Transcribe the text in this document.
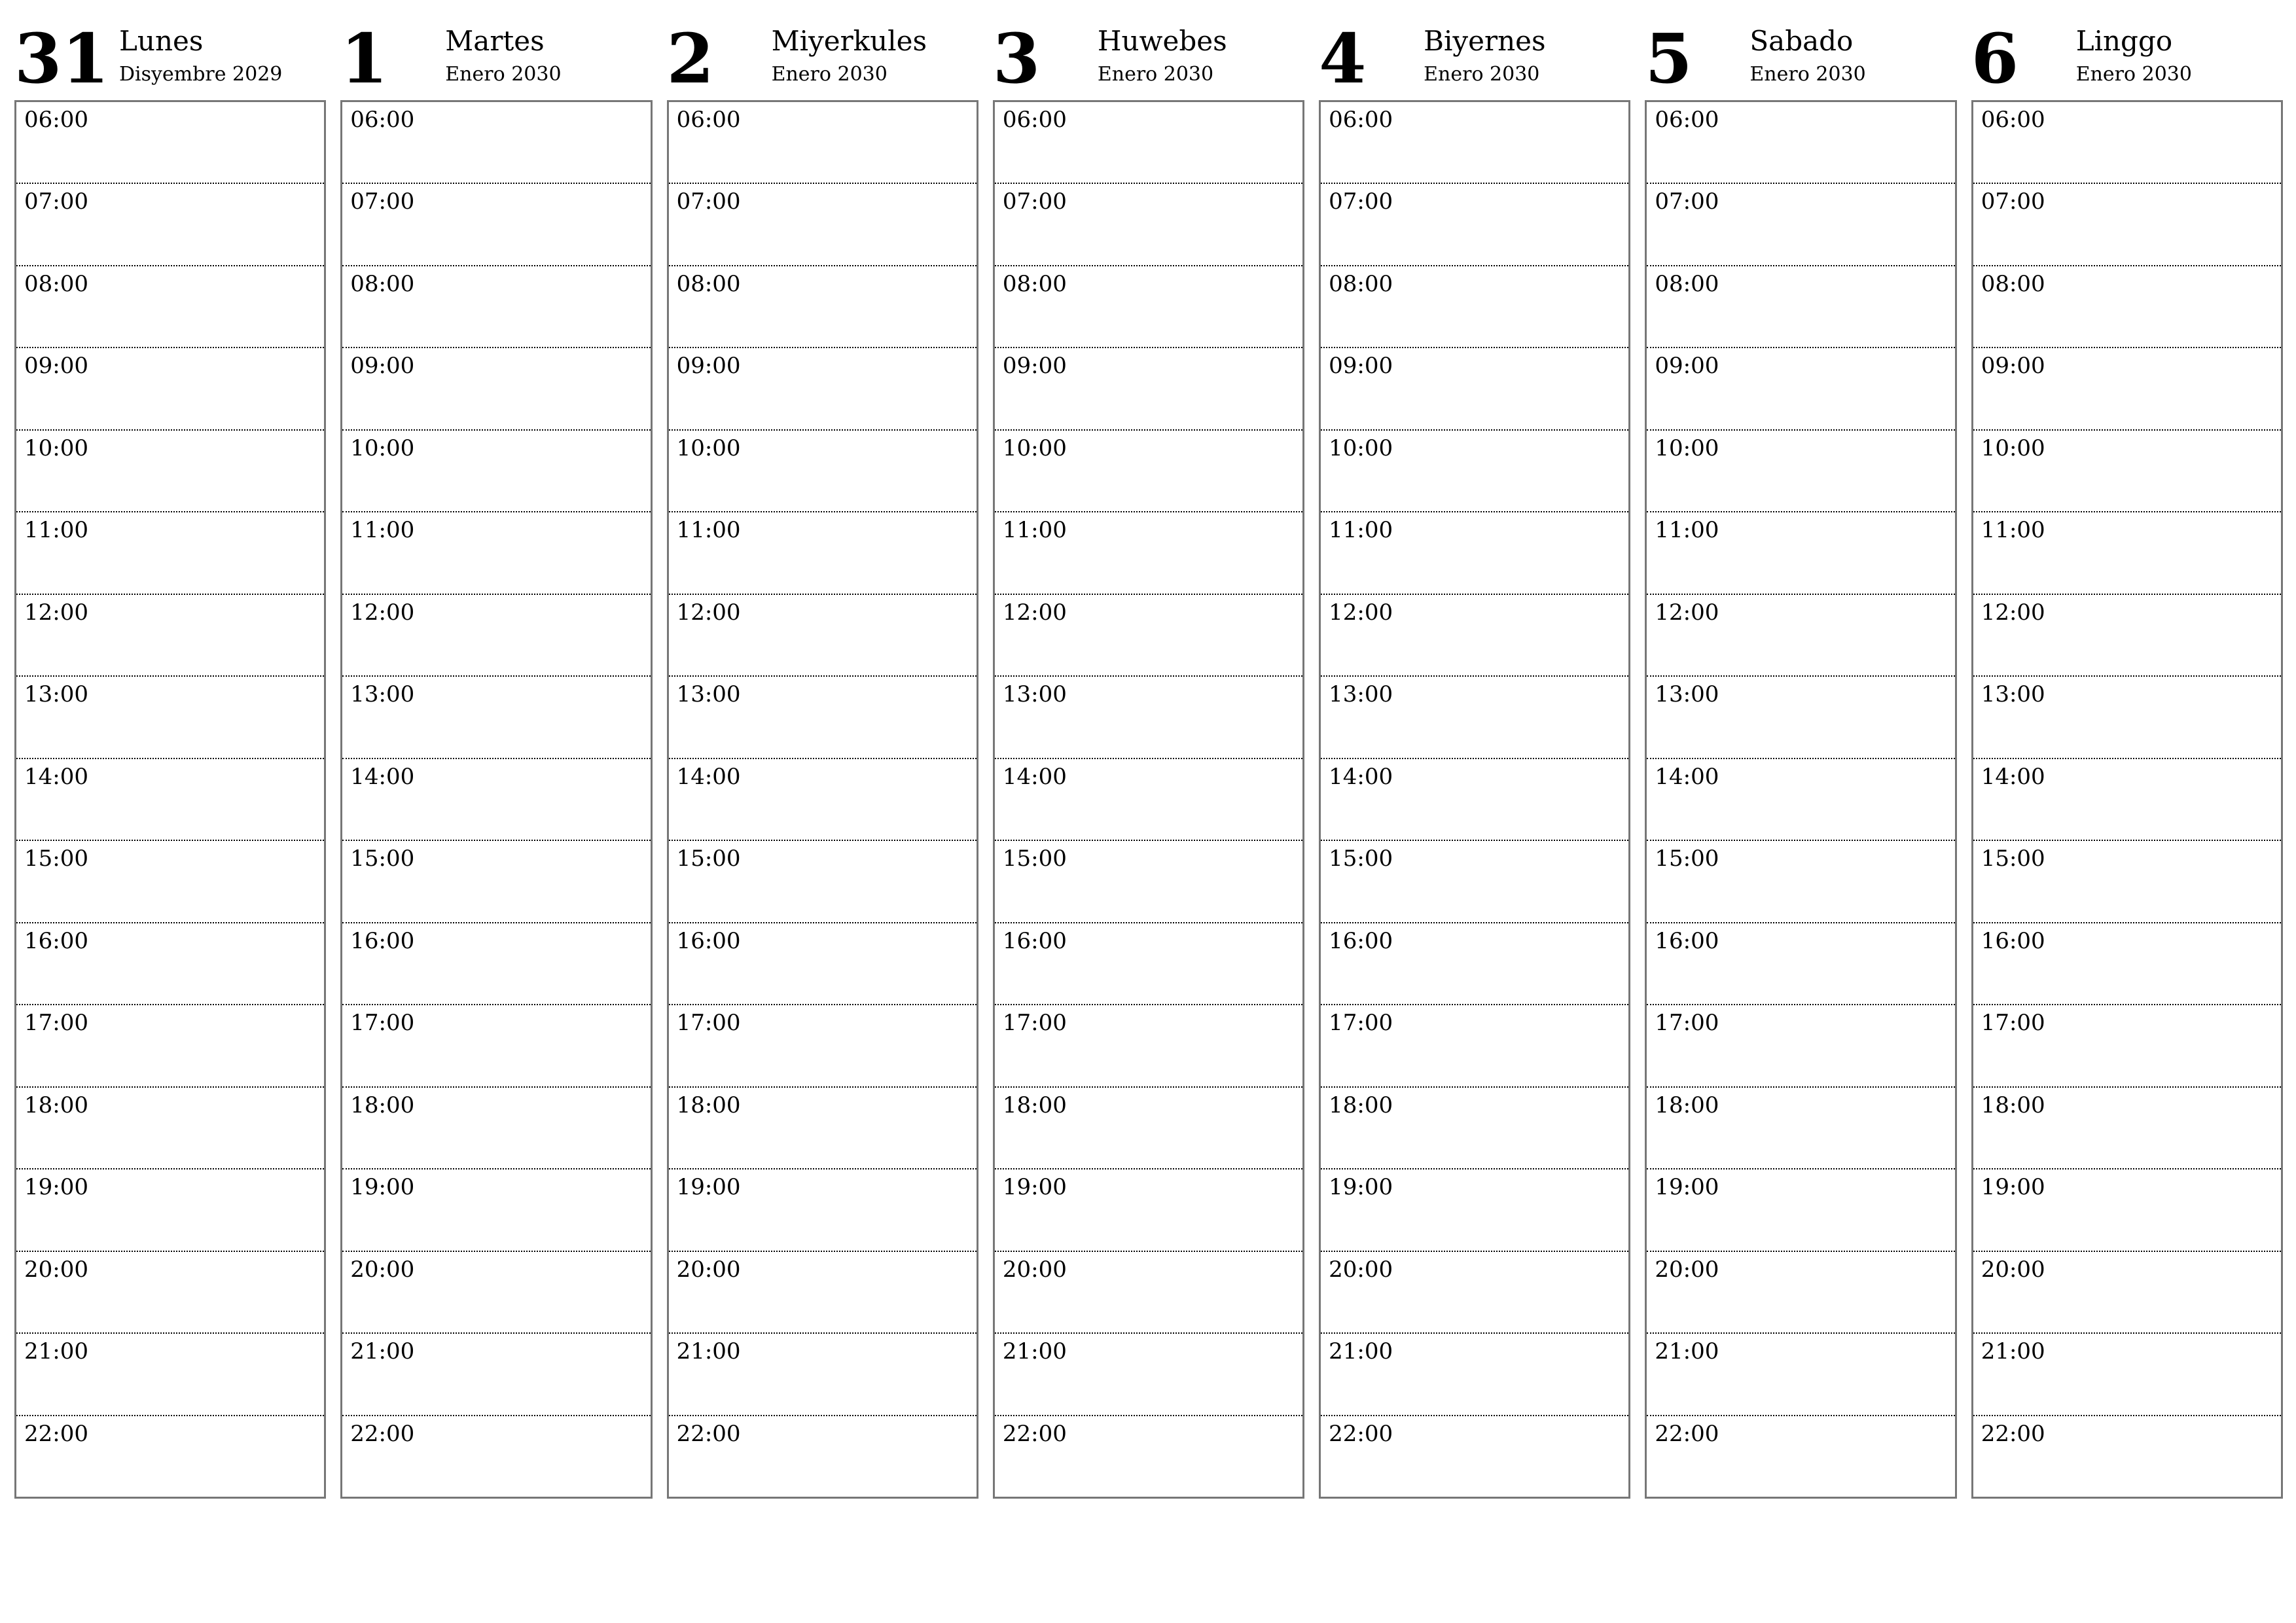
31 Lunes
Disyembre 2029
06:00
07:00
08:00
09:00
10:00
11:00
12:00
13:00
14:00
15:00
16:00
17:00
18:00
19:00
20:00
21:00
22:00
1	Martes
Enero 2030
06:00
07:00
08:00
09:00
10:00
11:00
12:00
13:00
14:00
15:00
16:00
17:00
18:00
19:00
20:00
21:00
22:00
2	Miyerkules
Enero 2030
06:00
07:00
08:00
09:00
10:00
11:00
12:00
13:00
14:00
15:00
16:00
17:00
18:00
19:00
20:00
21:00
22:00
3	Huwebes
Enero 2030
06:00
07:00
08:00
09:00
10:00
11:00
12:00
13:00
14:00
15:00
16:00
17:00
18:00
19:00
20:00
21:00
22:00
4	Biyernes
Enero 2030
06:00
07:00
08:00
09:00
10:00
11:00
12:00
13:00
14:00
15:00
16:00
17:00
18:00
19:00
20:00
21:00
22:00
5	Sabado
Enero 2030
06:00
07:00
08:00
09:00
10:00
11:00
12:00
13:00
14:00
15:00
16:00
17:00
18:00
19:00
20:00
21:00
22:00
6	Linggo
Enero 2030
06:00
07:00
08:00
09:00
10:00
11:00
12:00
13:00
14:00
15:00
16:00
17:00
18:00
19:00
20:00
21:00
22:00
